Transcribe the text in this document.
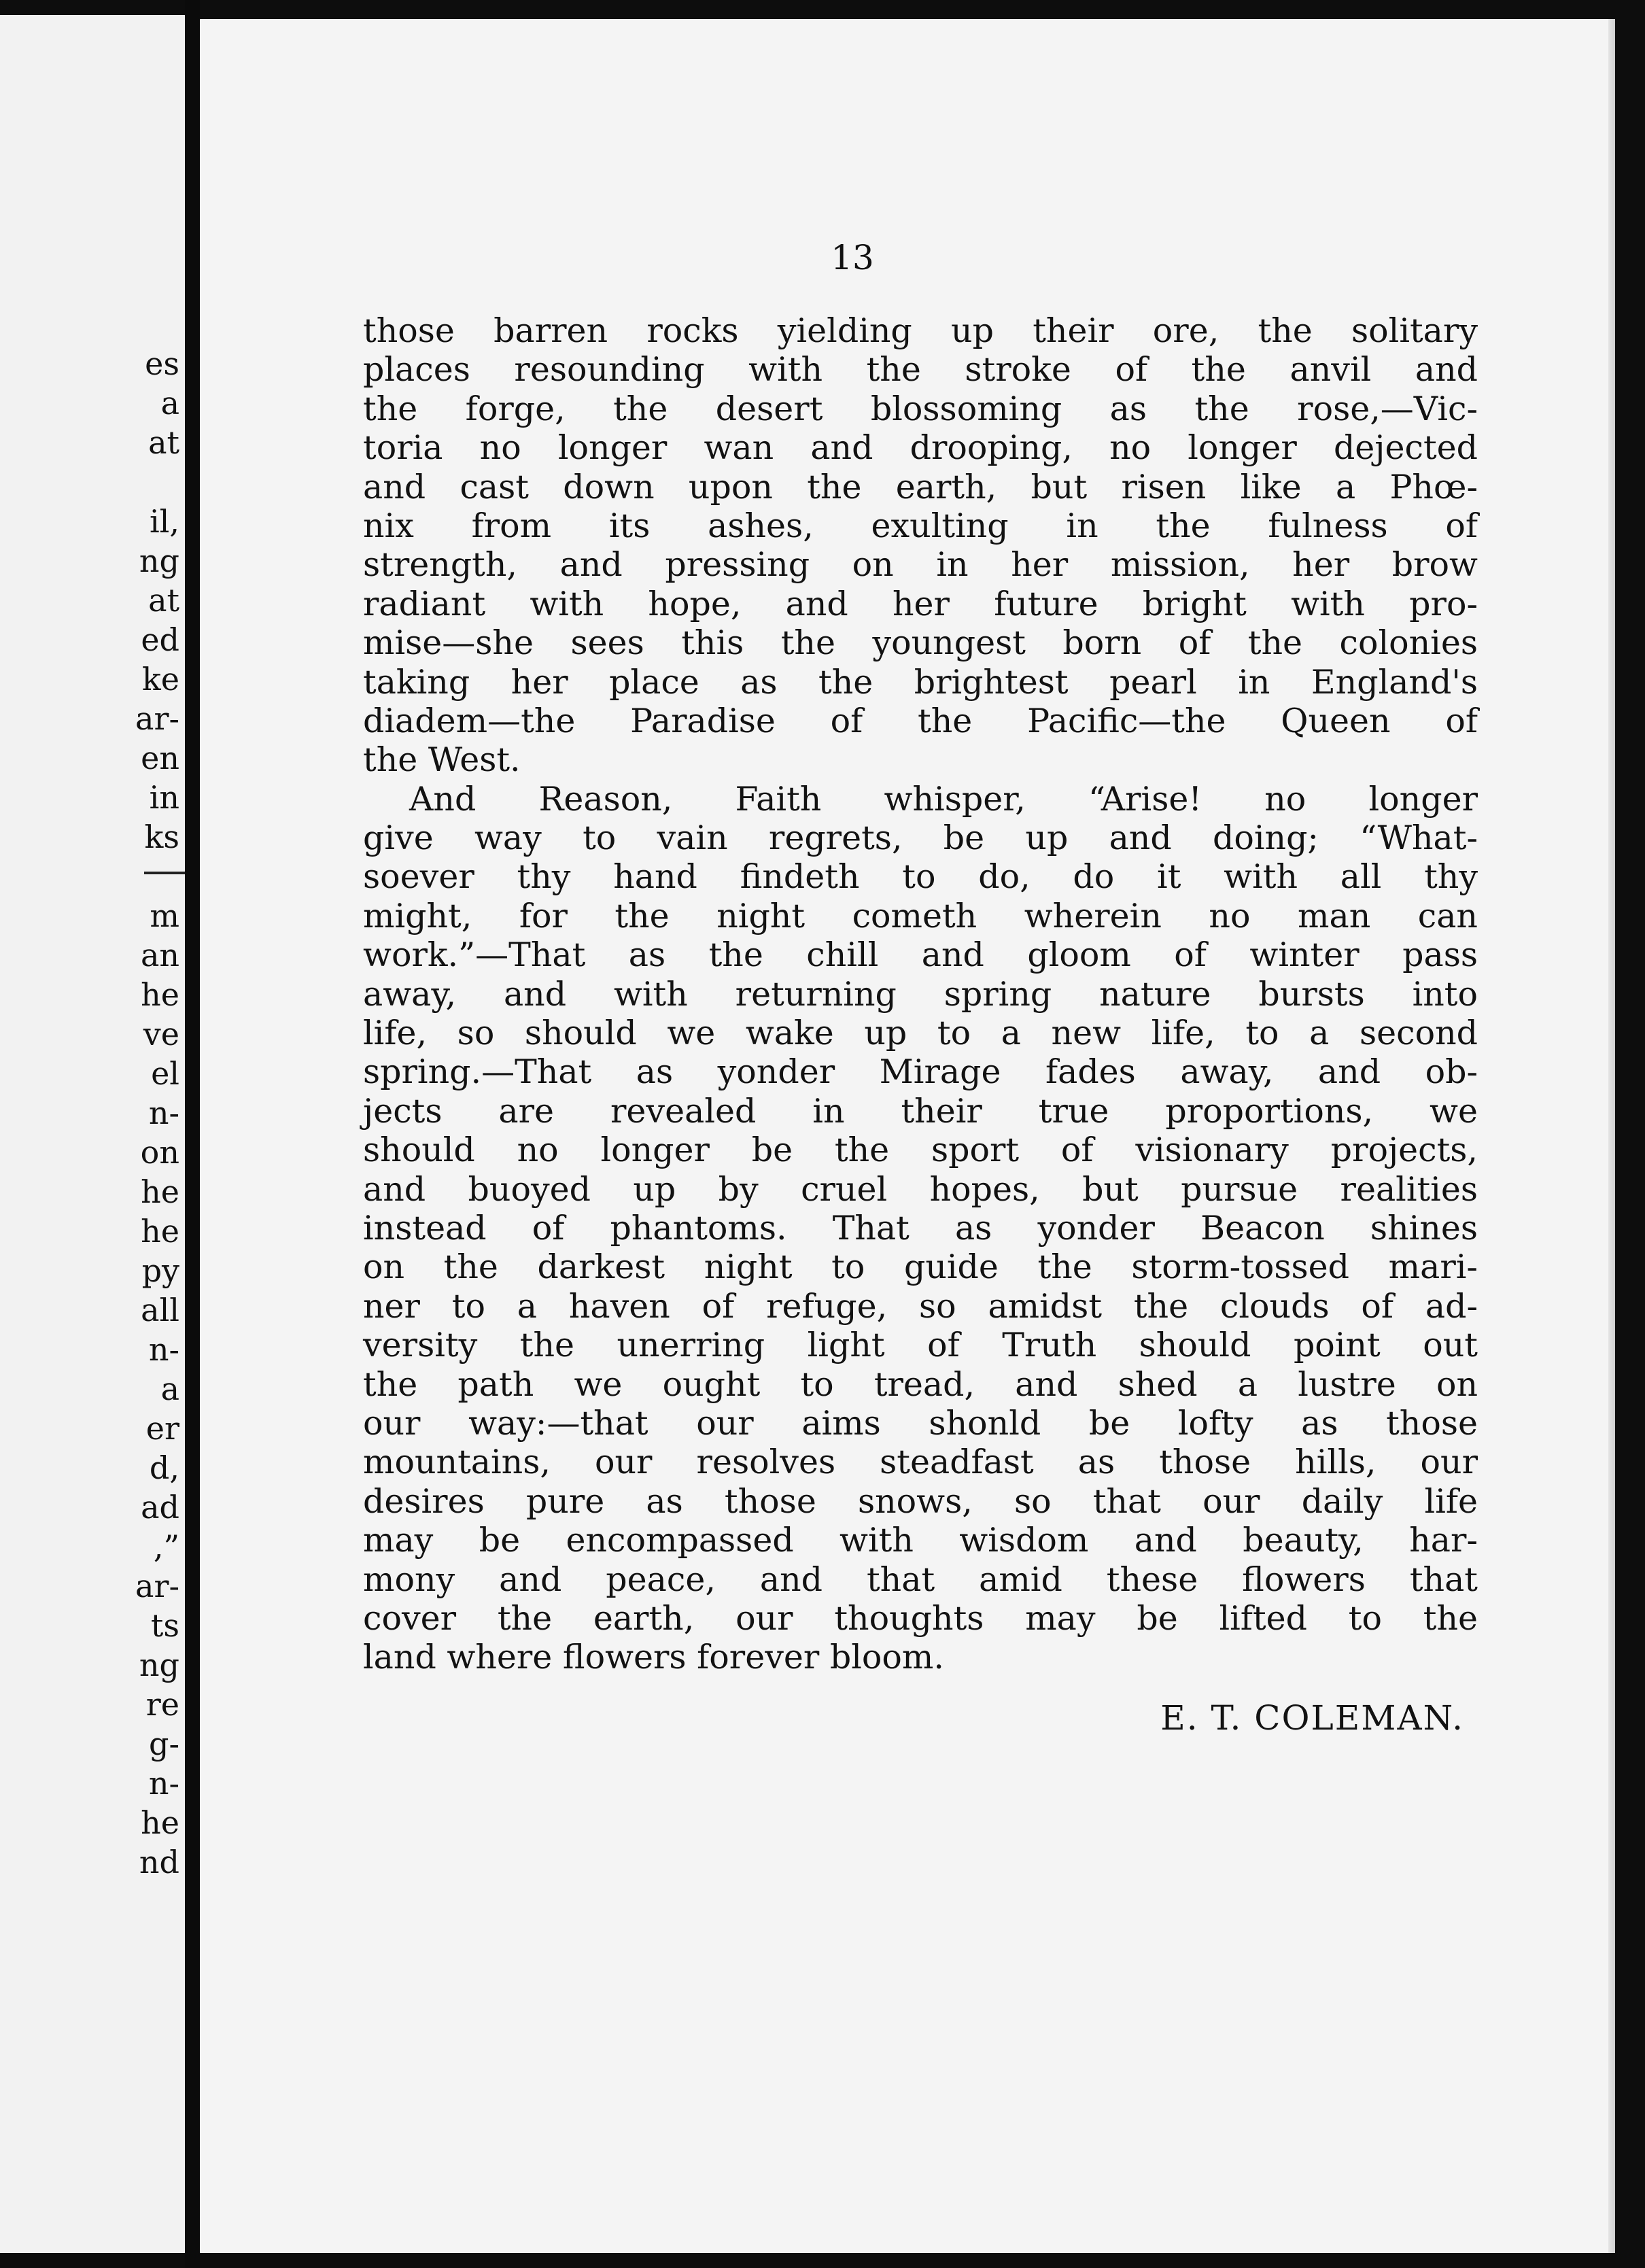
es
a
at
il,
ng
at
ed
ke
ar-
en
in
ks
m
an
he
ve
el
n-
on
he
he
py
all
n-
a
er
d,
ad
,”
ar-
ts
ng
re
g-
n-
he
nd
13
those barren rocks yielding up their ore, the solitary
places resounding with the stroke of the anvil and
the forge, the desert blossoming as the rose,—Vic-
toria no longer wan and drooping, no longer dejected
and cast down upon the earth, but risen like a Phœ-
nix from its ashes, exulting in the fulness of
strength, and pressing on in her mission, her brow
radiant with hope, and her future bright with pro-
mise—she sees this the youngest born of the colonies
taking her place as the brightest pearl in England's
diadem—the Paradise of the Pacific—the Queen of
the West.
And Reason, Faith whisper, “Arise! no longer
give way to vain regrets, be up and doing; “What-
soever thy hand findeth to do, do it with all thy
might, for the night cometh wherein no man can
work.”—That as the chill and gloom of winter pass
away, and with returning spring nature bursts into
life, so should we wake up to a new life, to a second
spring.—That as yonder Mirage fades away, and ob-
jects are revealed in their true proportions, we
should no longer be the sport of visionary projects,
and buoyed up by cruel hopes, but pursue realities
instead of phantoms. That as yonder Beacon shines
on the darkest night to guide the storm-tossed mari-
ner to a haven of refuge, so amidst the clouds of ad-
versity the unerring light of Truth should point out
the path we ought to tread, and shed a lustre on
our way:—that our aims shonld be lofty as those
mountains, our resolves steadfast as those hills, our
desires pure as those snows, so that our daily life
may be encompassed with wisdom and beauty, har-
mony and peace, and that amid these flowers that
cover the earth, our thoughts may be lifted to the
land where flowers forever bloom.
E. T. COLEMAN.
